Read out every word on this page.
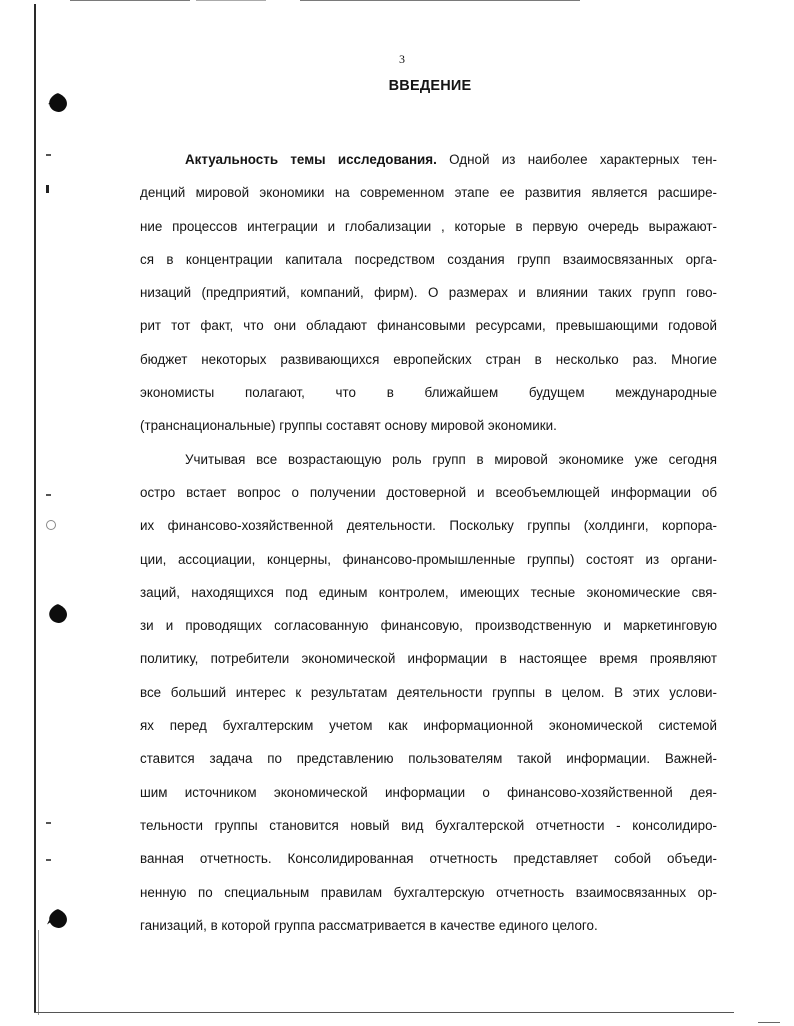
3
ВВЕДЕНИЕ
Актуальность темы исследования. Одной из наиболее характерных тен-
денций мировой экономики на современном этапе ее развития является расшире-
ние процессов интеграции и глобализации , которые в первую очередь выражают-
ся в концентрации капитала посредством создания групп взаимосвязанных орга-
низаций (предприятий, компаний, фирм). О размерах и влиянии таких групп гово-
рит тот факт, что они обладают финансовыми ресурсами, превышающими годовой
бюджет некоторых развивающихся европейских стран в несколько раз. Многие
экономисты полагают, что в ближайшем будущем международные
(транснациональные) группы составят основу мировой экономики.
Учитывая все возрастающую роль групп в мировой экономике уже сегодня
остро встает вопрос о получении достоверной и всеобъемлющей информации об
их финансово-хозяйственной деятельности. Поскольку группы (холдинги, корпора-
ции, ассоциации, концерны, финансово-промышленные группы) состоят из органи-
заций, находящихся под единым контролем, имеющих тесные экономические свя-
зи и проводящих согласованную финансовую, производственную и маркетинговую
политику, потребители экономической информации в настоящее время проявляют
все больший интерес к результатам деятельности группы в целом. В этих услови-
ях перед бухгалтерским учетом как информационной экономической системой
ставится задача по представлению пользователям такой информации. Важней-
шим источником экономической информации о финансово-хозяйственной дея-
тельности группы становится новый вид бухгалтерской отчетности - консолидиро-
ванная отчетность. Консолидированная отчетность представляет собой объеди-
ненную по специальным правилам бухгалтерскую отчетность взаимосвязанных ор-
ганизаций, в которой группа рассматривается в качестве единого целого.
